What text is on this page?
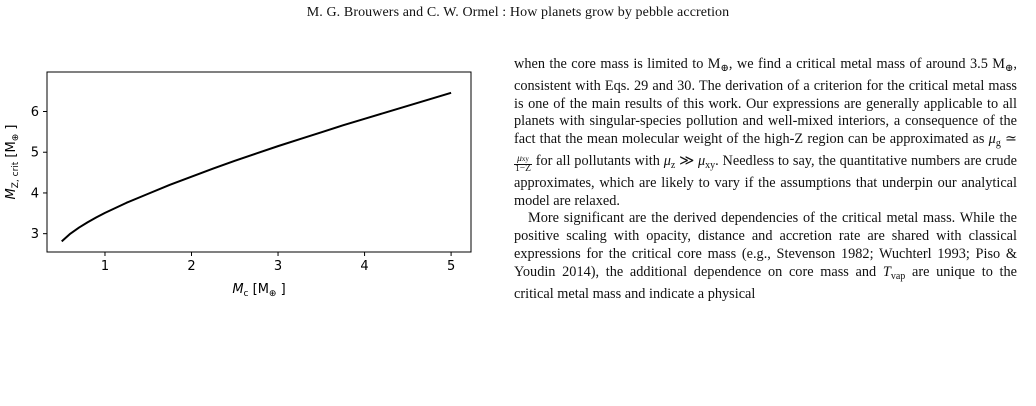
M. G. Brouwers and C. W. Ormel : How planets grow by pebble accretion
1	2	3	4	5
3
4
5
6
$M_c$ [$M_\oplus$ ]
$M_{Z, crit}$ [$M_\oplus$ ]

when the core mass is limited to $M_\oplus$, we find a critical metal mass of around 3.5 $M_\oplus$, consistent with Eqs. 29 and 30. The derivation of a criterion for the critical metal mass is one of the main results of this work. Our expressions are generally applicable to all planets with singular-species pollution and well-mixed interiors, a consequence of the fact that the mean molecular weight of the high-Z region can be approximated as $\mu_g$ ≃
$\frac{\text{μxy}}{1-Z}$ for all pollutants with $\mu_z$ ≫ $\mu_{xy}$. Needless to say, the quantitative numbers are crude approximates, which are likely to vary if the assumptions that underpin our analytical model are relaxed.

More significant are the derived dependencies of the critical metal mass. While the positive scaling with opacity, distance and accretion rate are shared with classical expressions for the critical core mass (e.g., Stevenson 1982; Wuchterl 1993; Piso & Youdin 2014), the additional dependence on core mass and $T_{vap}$ are unique to the critical metal mass and indicate a physical
